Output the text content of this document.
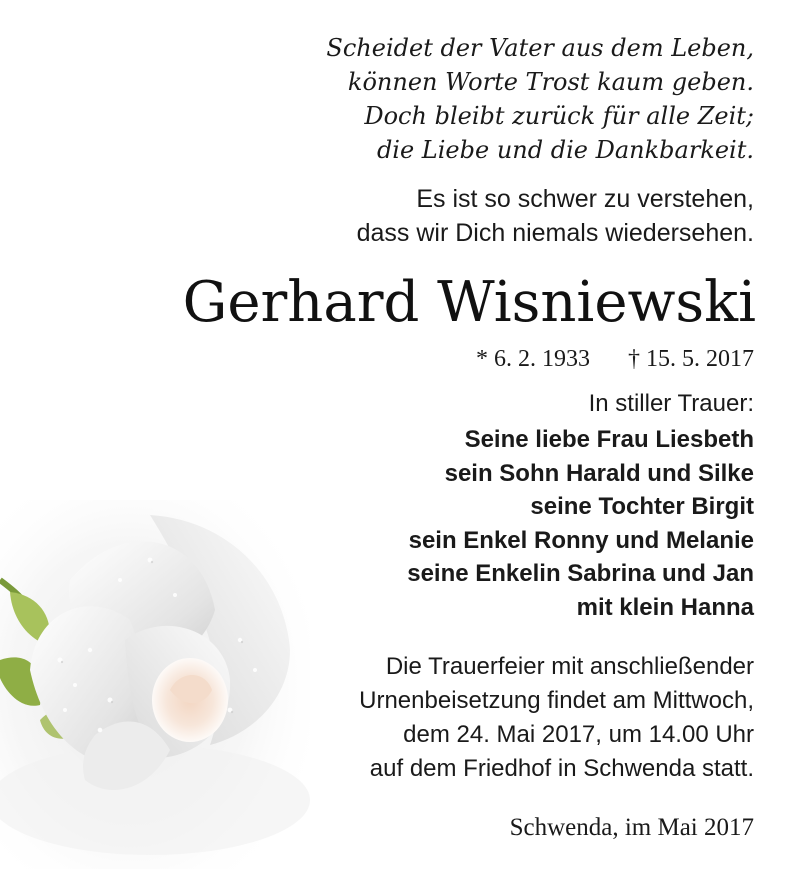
Scheidet der Vater aus dem Leben,
können Worte Trost kaum geben.
Doch bleibt zurück für alle Zeit;
die Liebe und die Dankbarkeit.
Es ist so schwer zu verstehen,
dass wir Dich niemals wiedersehen.
Gerhard Wisniewski
* 6. 2. 1933 † 15. 5. 2017
In stiller Trauer:
Seine liebe Frau Liesbeth
sein Sohn Harald und Silke
seine Tochter Birgit
sein Enkel Ronny und Melanie
seine Enkelin Sabrina und Jan
mit klein Hanna
Die Trauerfeier mit anschließender
Urnenbeisetzung findet am Mittwoch,
dem 24. Mai 2017, um 14.00 Uhr
auf dem Friedhof in Schwenda statt.
Schwenda, im Mai 2017
